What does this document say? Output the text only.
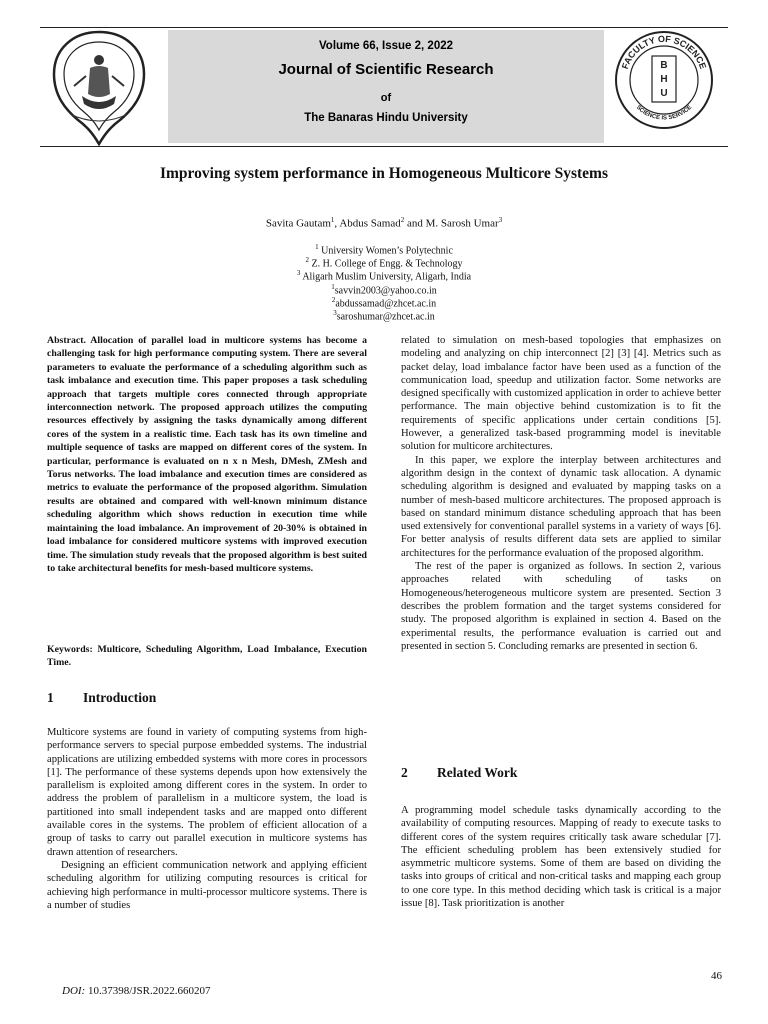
FACULTY OF SCIENCE
SCIENCE IS SERVICE
B
H
U
Volume 66, Issue 2, 2022
Journal of Scientific Research
of
The Banaras Hindu University
Improving system performance in Homogeneous Multicore Systems
Savita Gautam$^1$, Abdus Samad$^2$ and M. Sarosh Umar$^3$
$^1$ University Women’s Polytechnic
$^2$ Z. H. College of Engg. & Technology
$^3$ Aligarh Muslim University, Aligarh, India
$^1$savvin2003@yahoo.co.in
$^2$abdussamad@zhcet.ac.in
$^3$saroshumar@zhcet.ac.in
Abstract. Allocation of parallel load in multicore systems has become a challenging task for high performance computing system. There are several parameters to evaluate the performance of a scheduling algorithm such as task imbalance and execution time. This paper proposes a task scheduling approach that targets multiple cores connected through appropriate interconnection network. The proposed approach utilizes the computing resources effectively by assigning the tasks dynamically among different cores of the system in a realistic time. Each task has its own timeline and multiple sequence of tasks are mapped on different cores of the system. In particular, performance is evaluated on n x n Mesh, DMesh, ZMesh and Torus networks. The load imbalance and execution times are considered as metrics to evaluate the performance of the proposed algorithm. Simulation results are obtained and compared with well-known minimum distance scheduling algorithm which shows reduction in execution time while maintaining the load imbalance. An improvement of 20-30% is obtained in load imbalance for considered multicore systems with improved execution time. The simulation study reveals that the proposed algorithm is best suited to take architectural benefits for mesh-based multicore systems.
Keywords: Multicore, Scheduling Algorithm, Load Imbalance, Execution Time.
1 Introduction

Multicore systems are found in variety of computing systems from high-performance servers to special purpose embedded systems. The industrial applications are utilizing embedded systems with more cores in processors [1]. The performance of these systems depends upon how extensively the parallelism is exploited among different cores in the system. In order to address the problem of parallelism in a multicore system, the load is partitioned into small independent tasks and are mapped onto different available cores in the systems. The problem of efficient allocation of a group of tasks to carry out parallel execution in multicore systems has drawn attention of researchers.

Designing an efficient communication network and applying efficient scheduling algorithm for utilizing computing resources is critical for achieving high performance in multi-processor multicore systems. There is a number of studies

related to simulation on mesh-based topologies that emphasizes on modeling and analyzing on chip interconnect [2] [3] [4]. Metrics such as packet delay, load imbalance factor have been used as a function of the communication load, speedup and utilization factor. Some networks are designed specifically with customized application in order to achieve better performance. The main objective behind customization is to fit the requirements of specific applications under certain conditions [5]. However, a generalized task-based programming model is inevitable solution for multicore architectures.

In this paper, we explore the interplay between architectures and algorithm design in the context of dynamic task allocation. A dynamic scheduling algorithm is designed and evaluated by mapping tasks on a number of mesh-based multicore architectures. The proposed approach is based on standard minimum distance scheduling approach that has been used extensively for conventional parallel systems in a variety of ways [6]. For better analysis of results different data sets are applied to similar architectures for the performance evaluation of the proposed algorithm.

The rest of the paper is organized as follows. In section 2, various approaches related with scheduling of tasks on Homogeneous/heterogeneous multicore system are presented. Section 3 describes the problem formation and the target systems considered for study. The proposed algorithm is explained in section 4. Based on the experimental results, the performance evaluation is carried out and presented in section 5. Concluding remarks are presented in section 6.

2 Related Work

A programming model schedule tasks dynamically according to the availability of computing resources. Mapping of ready to execute tasks to different cores of the system requires critically task aware schedular [7]. The efficient scheduling problem has been extensively studied for asymmetric multicore systems. Some of them are based on dividing the tasks into groups of critical and non-critical tasks and mapping each group to one core type. In this method deciding which task is critical is a major issue [8]. Task prioritization is another

46
DOI: 10.37398/JSR.2022.660207
